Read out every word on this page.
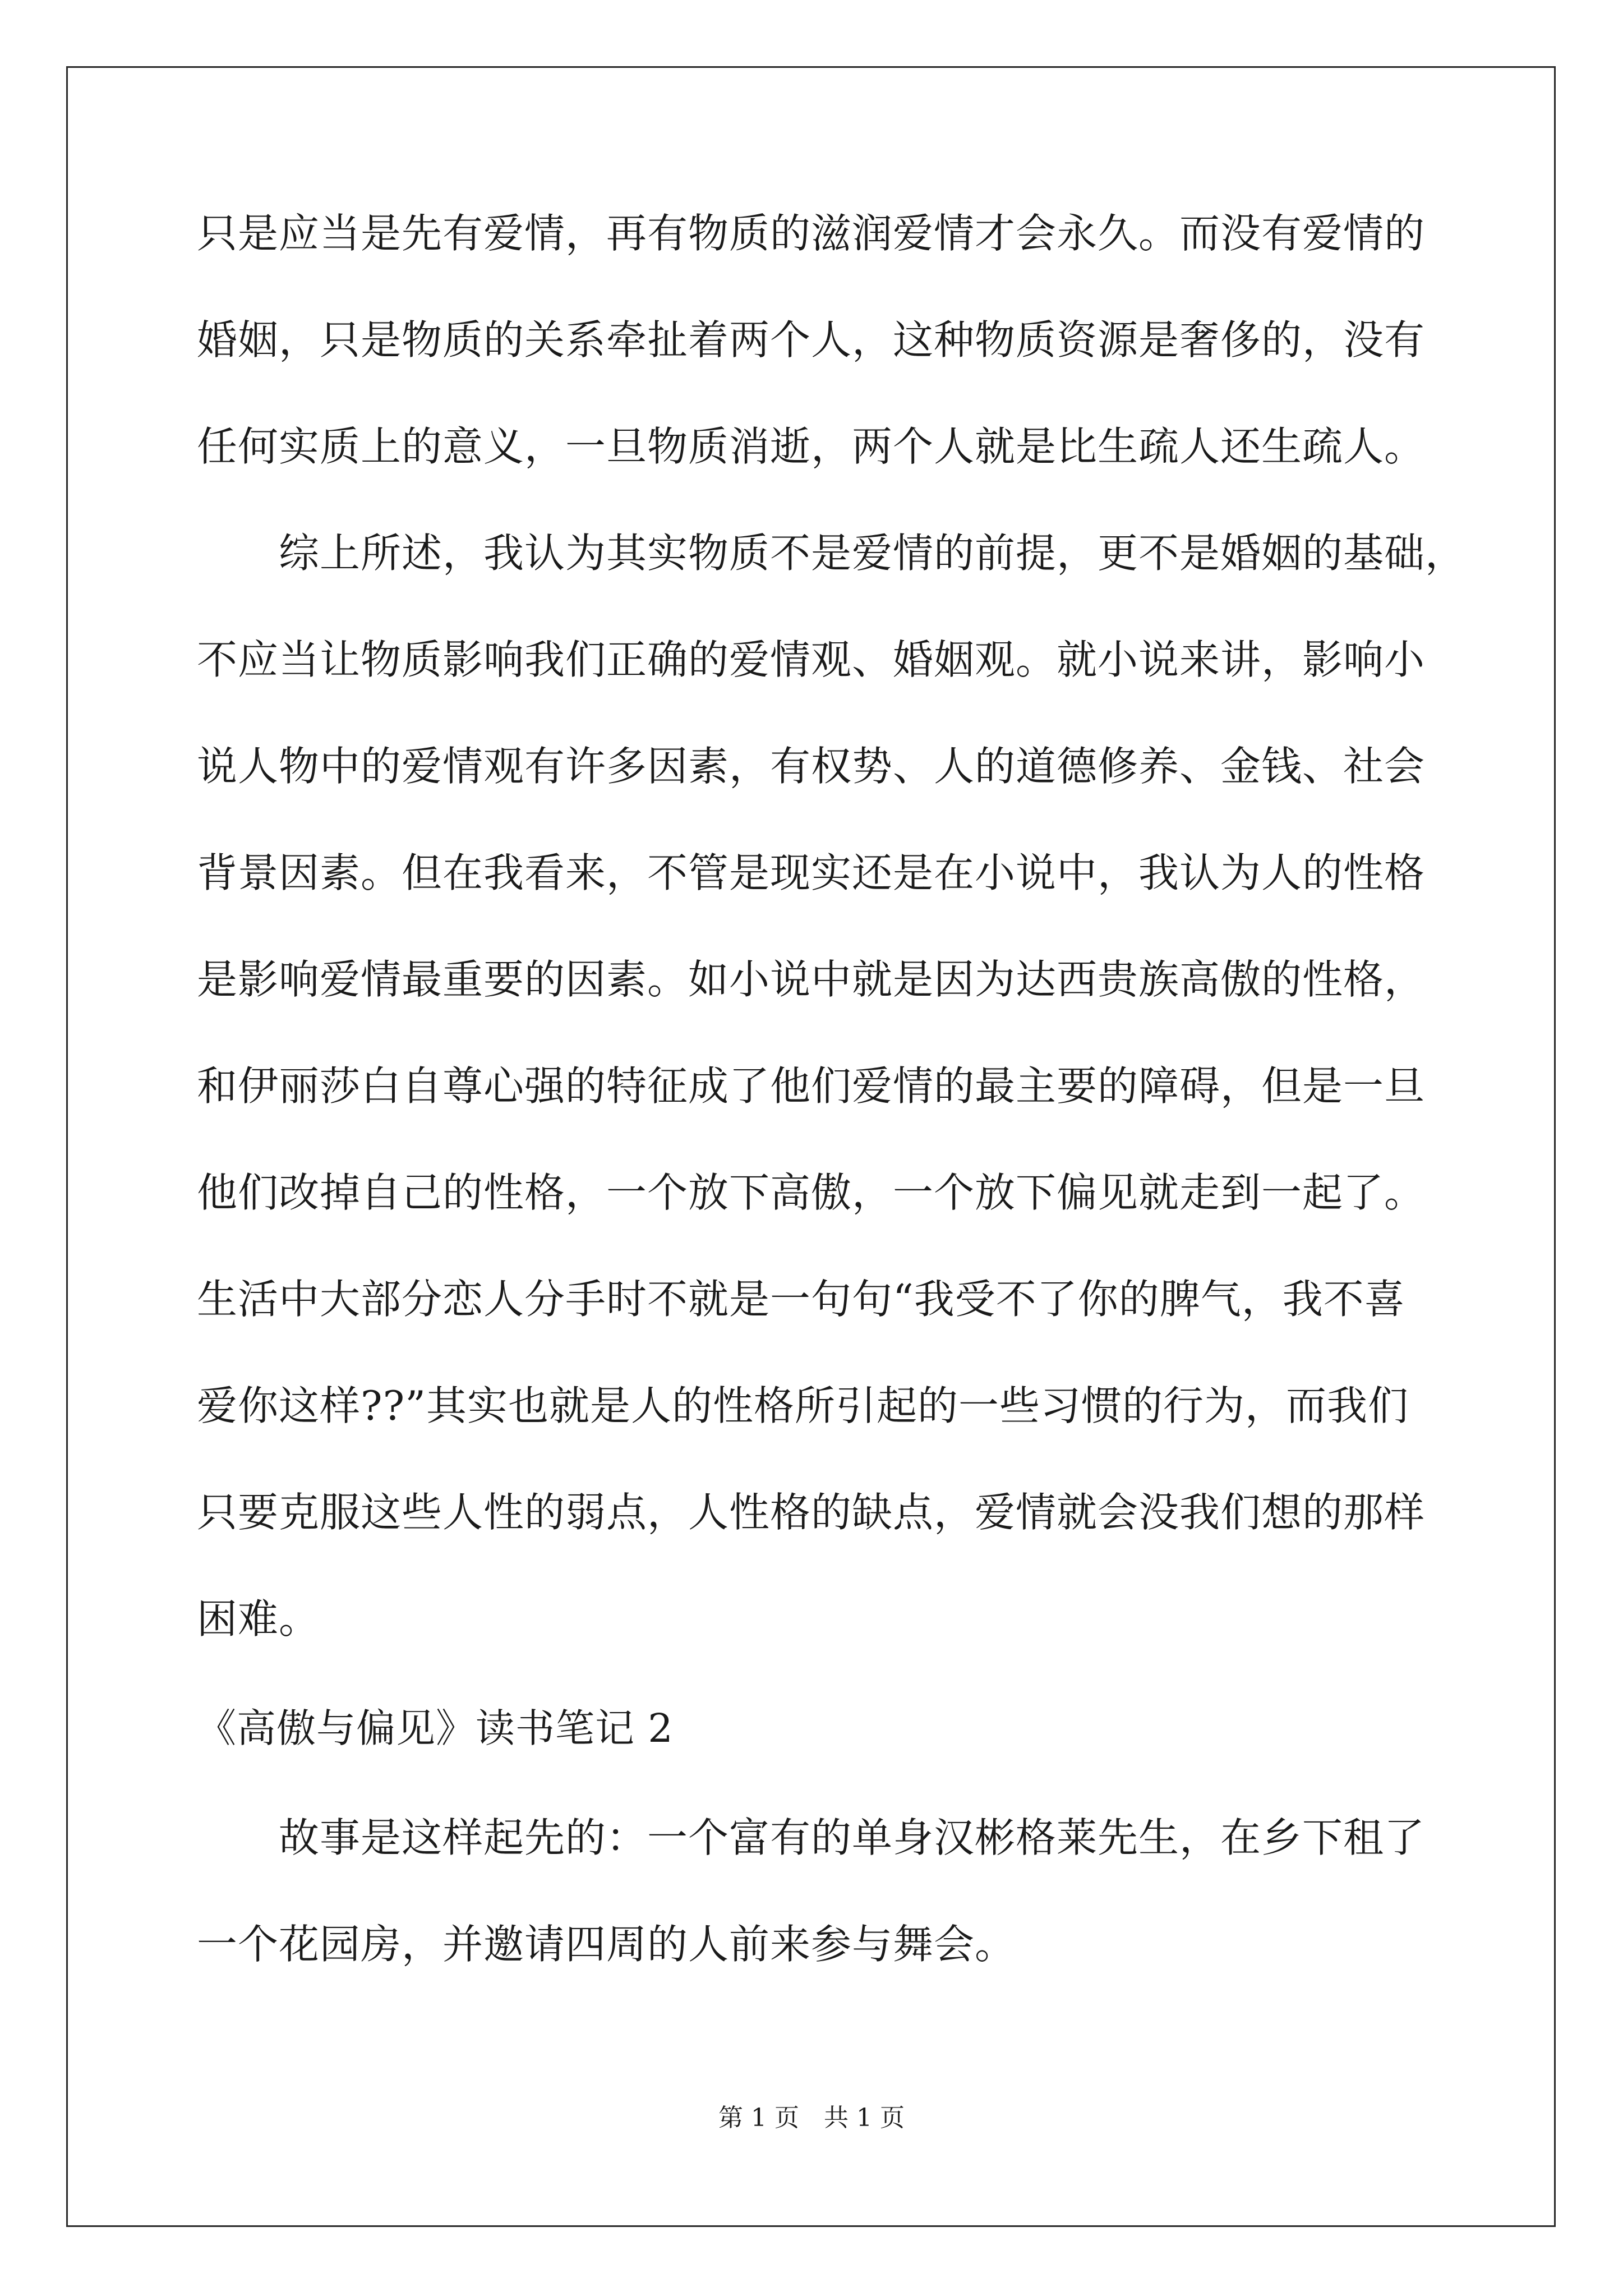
只是应当是先有爱情，再有物质的滋润爱情才会永久。而没有爱情的
婚姻，只是物质的关系牵扯着两个人，这种物质资源是奢侈的，没有
任何实质上的意义，一旦物质消逝，两个人就是比生疏人还生疏人。
综上所述，我认为其实物质不是爱情的前提，更不是婚姻的基础，
不应当让物质影响我们正确的爱情观、婚姻观。就小说来讲，影响小
说人物中的爱情观有许多因素，有权势、人的道德修养、金钱、社会
背景因素。但在我看来，不管是现实还是在小说中，我认为人的性格
是影响爱情最重要的因素。如小说中就是因为达西贵族高傲的性格，
和伊丽莎白自尊心强的特征成了他们爱情的最主要的障碍，但是一旦
他们改掉自己的性格，一个放下高傲，一个放下偏见就走到一起了。
生活中大部分恋人分手时不就是一句句“我受不了你的脾气，我不喜
爱你这样??”其实也就是人的性格所引起的一些习惯的行为，而我们
只要克服这些人性的弱点，人性格的缺点，爱情就会没我们想的那样
困难。
《高傲与偏见》读书笔记 2
故事是这样起先的：一个富有的单身汉彬格莱先生，在乡下租了
一个花园房，并邀请四周的人前来参与舞会。
第 1 页　共 1 页
